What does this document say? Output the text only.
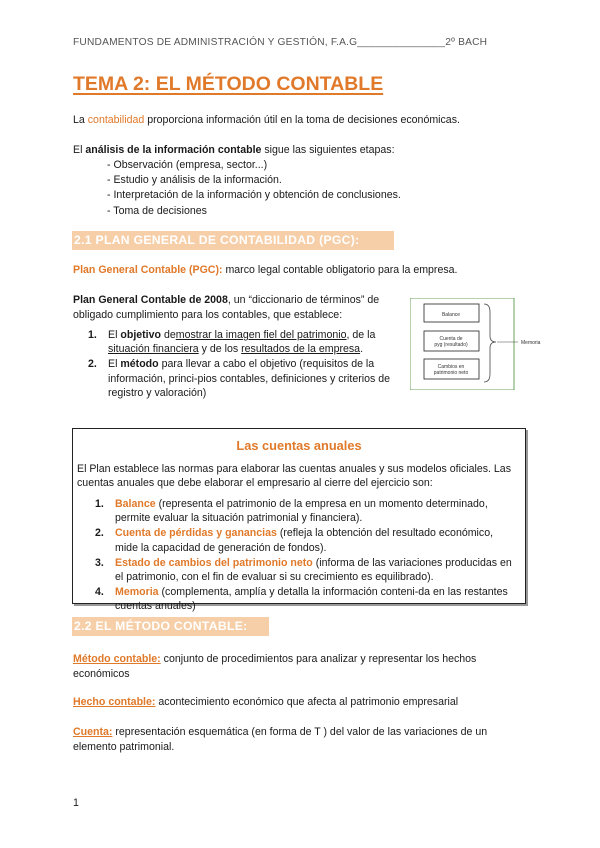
FUNDAMENTOS DE ADMINISTRACIÓN Y GESTIÓN, F.A.G_______________2º BACH
TEMA 2: EL MÉTODO CONTABLE
La contabilidad proporciona información útil en la toma de decisiones económicas.
El análisis de la información contable sigue las siguientes etapas:
- Observación (empresa, sector...)
- Estudio y análisis de la información.
- Interpretación de la información y obtención de conclusiones.
- Toma de decisiones
2.1 PLAN GENERAL DE CONTABILIDAD (PGC):
Plan General Contable (PGC): marco legal contable obligatorio para la empresa.
Plan General Contable de 2008, un “diccionario de términos” de
obligado cumplimiento para los contables, que establece:
1. El objetivo demostrar la imagen fiel del patrimonio, de la situación financiera y de los resultados de la empresa.
2. El método para llevar a cabo el objetivo (requisitos de la información, princi-pios contables, definiciones y criterios de registro y valoración)
Balance
Cuenta de
pyg (resultado)
Cambios en
patrimonio neto
Memoria
Las cuentas anuales
El Plan establece las normas para elaborar las cuentas anuales y sus modelos oficiales. Las cuentas anuales que debe elaborar el empresario al cierre del ejercicio son:
1. Balance (representa el patrimonio de la empresa en un momento determinado, permite evaluar la situación patrimonial y financiera).
2. Cuenta de pérdidas y ganancias (refleja la obtención del resultado económico, mide la capacidad de generación de fondos).
3. Estado de cambios del patrimonio neto (informa de las variaciones producidas en el patrimonio, con el fin de evaluar si su crecimiento es equilibrado).
4. Memoria (complementa, amplía y detalla la información conteni-da en las restantes cuentas anuales)
2.2 EL MÉTODO CONTABLE:
Método contable: conjunto de procedimientos para analizar y representar los hechos económicos
Hecho contable: acontecimiento económico que afecta al patrimonio empresarial
Cuenta: representación esquemática (en forma de T ) del valor de las variaciones de un elemento patrimonial.
1
